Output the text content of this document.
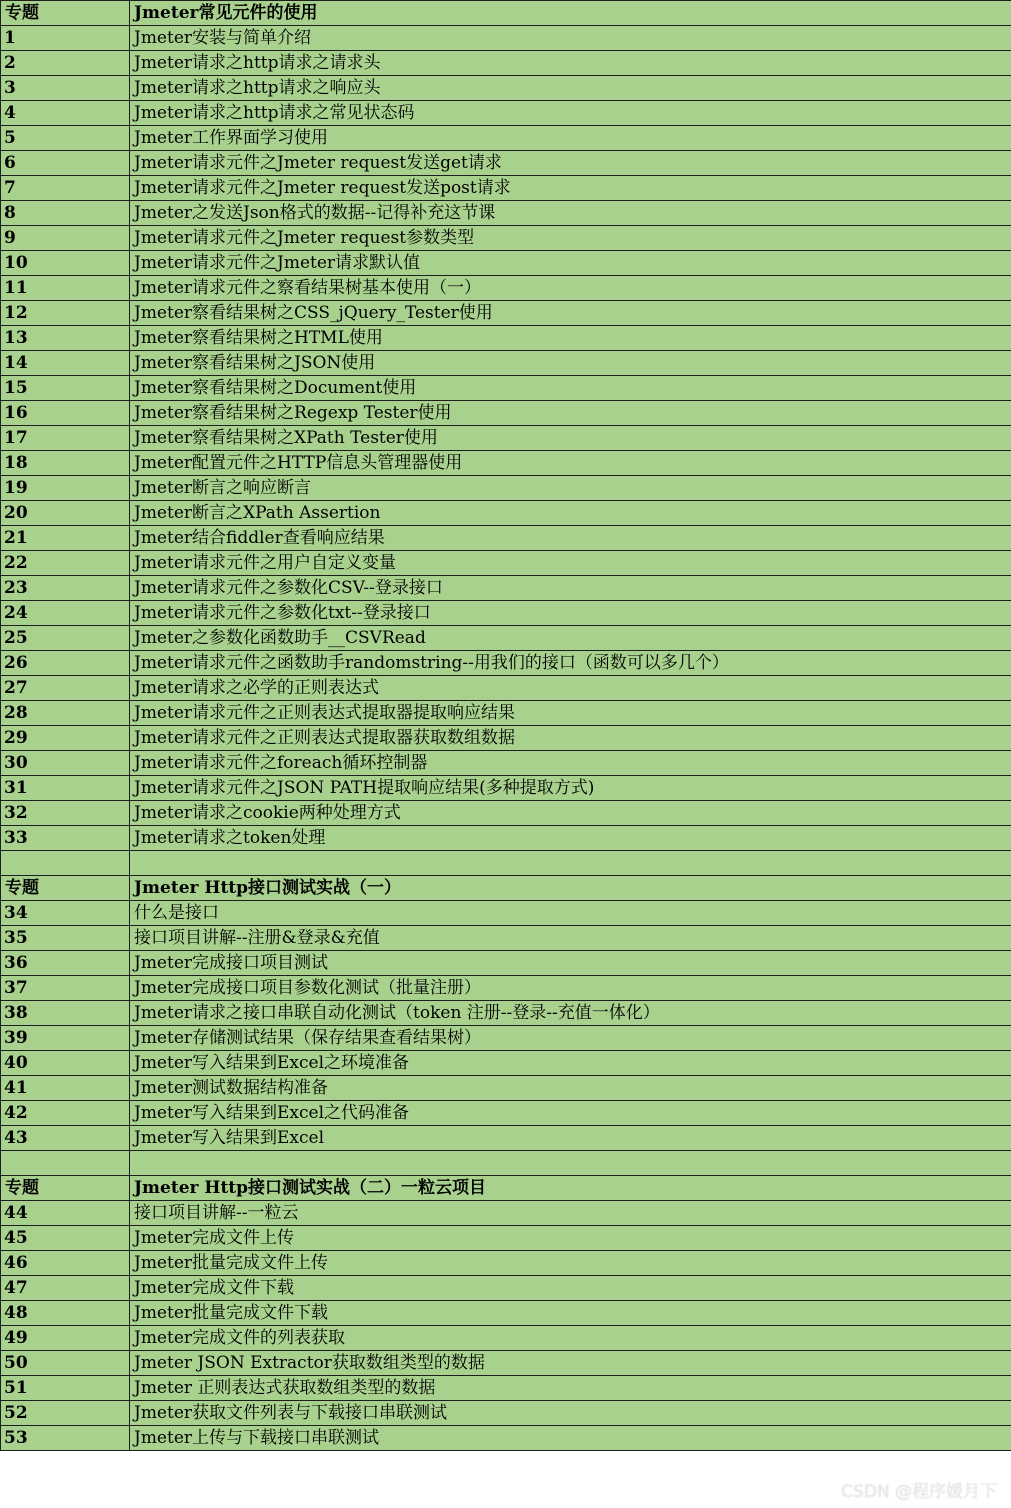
专题	Jmeter常见元件的使用
1	Jmeter安装与简单介绍
2	Jmeter请求之http请求之请求头
3	Jmeter请求之http请求之响应头
4	Jmeter请求之http请求之常见状态码
5	Jmeter工作界面学习使用
6	Jmeter请求元件之Jmeter request发送get请求
7	Jmeter请求元件之Jmeter request发送post请求
8	Jmeter之发送Json格式的数据--记得补充这节课
9	Jmeter请求元件之Jmeter request参数类型
10	Jmeter请求元件之Jmeter请求默认值
11	Jmeter请求元件之察看结果树基本使用（一）
12	Jmeter察看结果树之CSS_jQuery_Tester使用
13	Jmeter察看结果树之HTML使用
14	Jmeter察看结果树之JSON使用
15	Jmeter察看结果树之Document使用
16	Jmeter察看结果树之Regexp Tester使用
17	Jmeter察看结果树之XPath Tester使用
18	Jmeter配置元件之HTTP信息头管理器使用
19	Jmeter断言之响应断言
20	Jmeter断言之XPath Assertion
21	Jmeter结合fiddler查看响应结果
22	Jmeter请求元件之用户自定义变量
23	Jmeter请求元件之参数化CSV--登录接口
24	Jmeter请求元件之参数化txt--登录接口
25	Jmeter之参数化函数助手__CSVRead
26	Jmeter请求元件之函数助手randomstring--用我们的接口（函数可以多几个）
27	Jmeter请求之必学的正则表达式
28	Jmeter请求元件之正则表达式提取器提取响应结果
29	Jmeter请求元件之正则表达式提取器获取数组数据
30	Jmeter请求元件之foreach循环控制器
31	Jmeter请求元件之JSON PATH提取响应结果(多种提取方式)
32	Jmeter请求之cookie两种处理方式
33	Jmeter请求之token处理

专题	Jmeter Http接口测试实战（一）
34	什么是接口
35	接口项目讲解--注册&登录&充值
36	Jmeter完成接口项目测试
37	Jmeter完成接口项目参数化测试（批量注册）
38	Jmeter请求之接口串联自动化测试（token 注册--登录--充值一体化）
39	Jmeter存储测试结果（保存结果查看结果树）
40	Jmeter写入结果到Excel之环境准备
41	Jmeter测试数据结构准备
42	Jmeter写入结果到Excel之代码准备
43	Jmeter写入结果到Excel

专题	Jmeter Http接口测试实战（二）一粒云项目
44	接口项目讲解--一粒云
45	Jmeter完成文件上传
46	Jmeter批量完成文件上传
47	Jmeter完成文件下载
48	Jmeter批量完成文件下载
49	Jmeter完成文件的列表获取
50	Jmeter JSON Extractor获取数组类型的数据
51	Jmeter 正则表达式获取数组类型的数据
52	Jmeter获取文件列表与下载接口串联测试
53	Jmeter上传与下载接口串联测试
CSDN @程序媛月下
